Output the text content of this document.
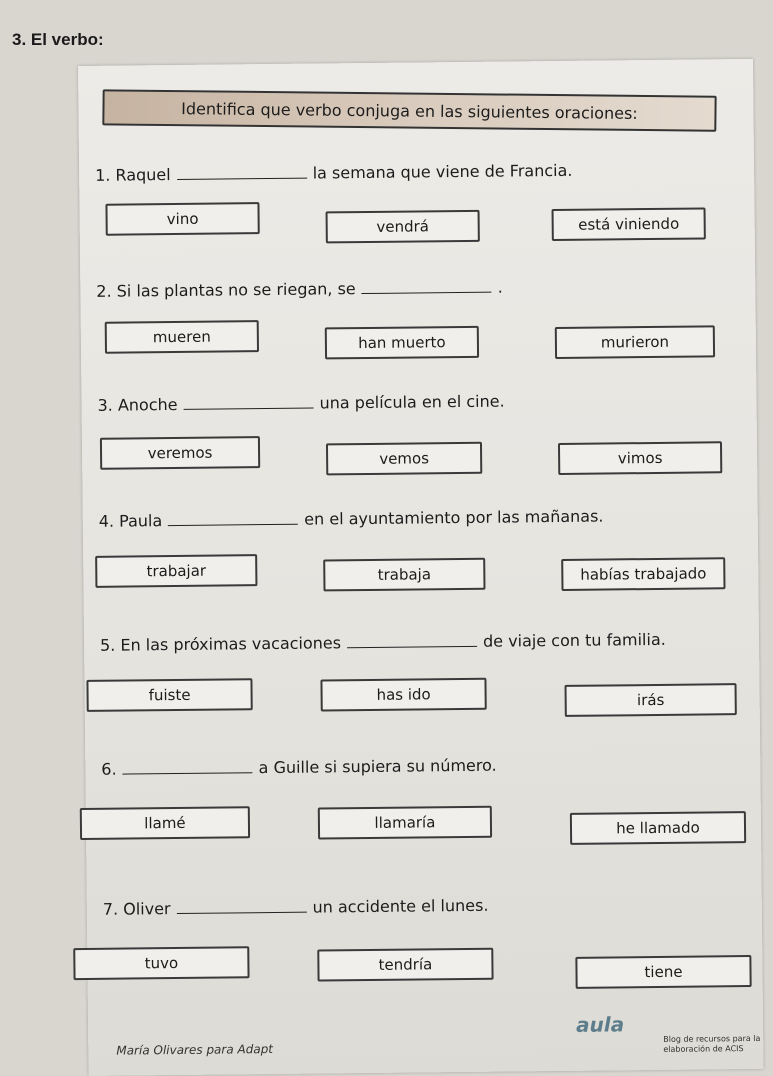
3. El verbo:
Identifica que verbo conjuga en las siguientes oraciones:
1. Raquel	la semana que viene de Francia.
vino	vendrá	está viniendo
2. Si las plantas no se riegan, se	.
mueren	han muerto	murieron
3. Anoche	una película en el cine.
veremos	vemos	vimos
4. Paula	en el ayuntamiento por las mañanas.
trabajar	trabaja	habías trabajado
5. En las próximas vacaciones	de viaje con tu familia.
fuiste	has ido	irás
6.	a Guille si supiera su número.
llamé	llamaría	he llamado
7. Oliver	un accidente el lunes.
tuvo	tendría	tiene
María Olivares para Adapt
aula
Blog de recursos para la elaboración de ACIS
